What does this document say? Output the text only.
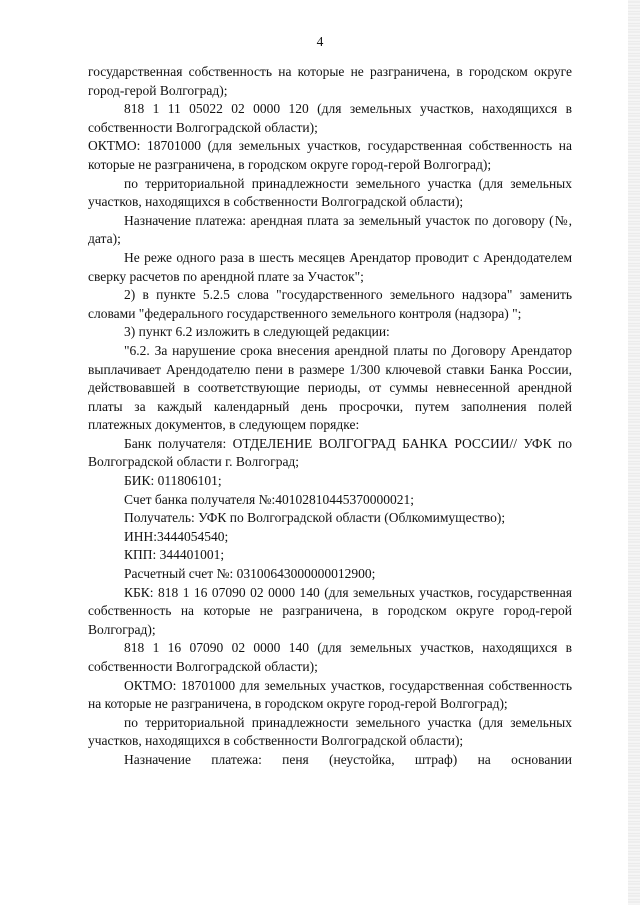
4

государственная собственность на которые не разграничена, в городском округе город-герой Волгоград);

818 1 11 05022 02 0000 120 (для земельных участков, находящихся в собственности Волгоградской области);

ОКТМО: 18701000 (для земельных участков, государственная собственность на которые не разграничена, в городском округе город-герой Волгоград);

по территориальной принадлежности земельного участка (для земельных участков, находящихся в собственности Волгоградской области);

Назначение платежа: арендная плата за земельный участок по договору (№, дата);

Не реже одного раза в шесть месяцев Арендатор проводит с Арендодателем сверку расчетов по арендной плате за Участок";

2) в пункте 5.2.5 слова "государственного земельного надзора" заменить словами "федерального государственного земельного контроля (надзора) ";

3) пункт 6.2 изложить в следующей редакции:

"6.2. За нарушение срока внесения арендной платы по Договору Арендатор выплачивает Арендодателю пени в размере 1/300 ключевой ставки Банка России, действовавшей в соответствующие периоды, от суммы невнесенной арендной платы за каждый календарный день просрочки, путем заполнения полей платежных документов, в следующем порядке:

Банк получателя: ОТДЕЛЕНИЕ ВОЛГОГРАД БАНКА РОССИИ// УФК по Волгоградской области г. Волгоград;

БИК: 011806101;

Счет банка получателя №:40102810445370000021;

Получатель: УФК по Волгоградской области (Облкомимущество);

ИНН:3444054540;

КПП: 344401001;

Расчетный счет №: 03100643000000012900;

КБК: 818 1 16 07090 02 0000 140 (для земельных участков, государственная собственность на которые не разграничена, в городском округе город-герой Волгоград);

818 1 16 07090 02 0000 140 (для земельных участков, находящихся в собственности Волгоградской области);

ОКТМО: 18701000 для земельных участков, государственная собственность на которые не разграничена, в городском округе город-герой Волгоград);

по территориальной принадлежности земельного участка (для земельных участков, находящихся в собственности Волгоградской области);

Назначение платежа: пеня (неустойка, штраф) на основании
